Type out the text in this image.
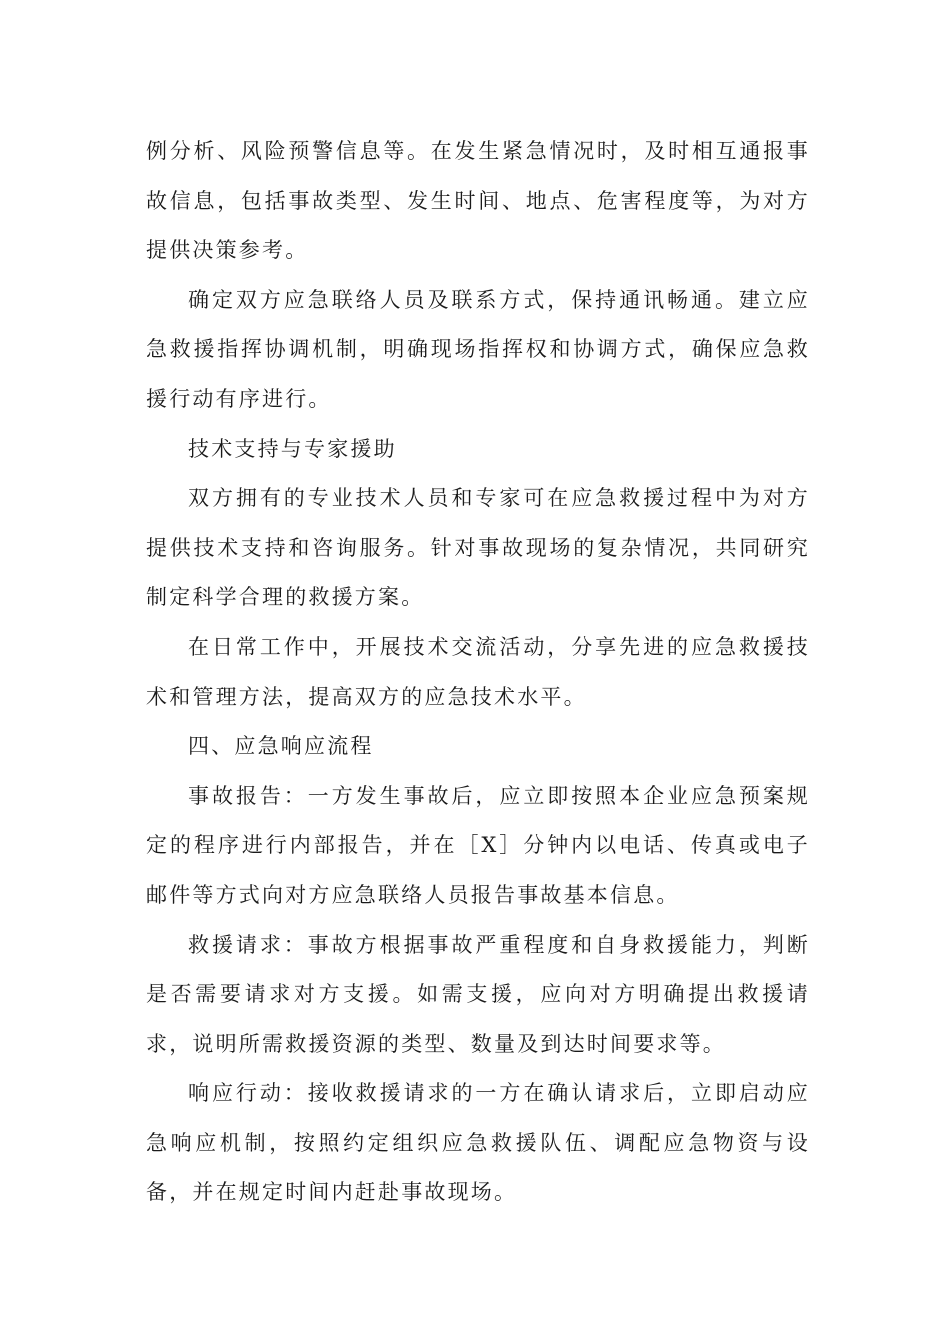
例分析、风险预警信息等。在发生紧急情况时，及时相互通报事故信息，包括事故类型、发生时间、地点、危害程度等，为对方提供决策参考。

确定双方应急联络人员及联系方式，保持通讯畅通。建立应急救援指挥协调机制，明确现场指挥权和协调方式，确保应急救援行动有序进行。

技术支持与专家援助

双方拥有的专业技术人员和专家可在应急救援过程中为对方提供技术支持和咨询服务。针对事故现场的复杂情况，共同研究制定科学合理的救援方案。

在日常工作中，开展技术交流活动，分享先进的应急救援技术和管理方法，提高双方的应急技术水平。

四、应急响应流程

事故报告：一方发生事故后，应立即按照本企业应急预案规定的程序进行内部报告，并在［X］分钟内以电话、传真或电子邮件等方式向对方应急联络人员报告事故基本信息。

救援请求：事故方根据事故严重程度和自身救援能力，判断是否需要请求对方支援。如需支援，应向对方明确提出救援请求，说明所需救援资源的类型、数量及到达时间要求等。

响应行动：接收救援请求的一方在确认请求后，立即启动应急响应机制，按照约定组织应急救援队伍、调配应急物资与设备，并在规定时间内赶赴事故现场。
